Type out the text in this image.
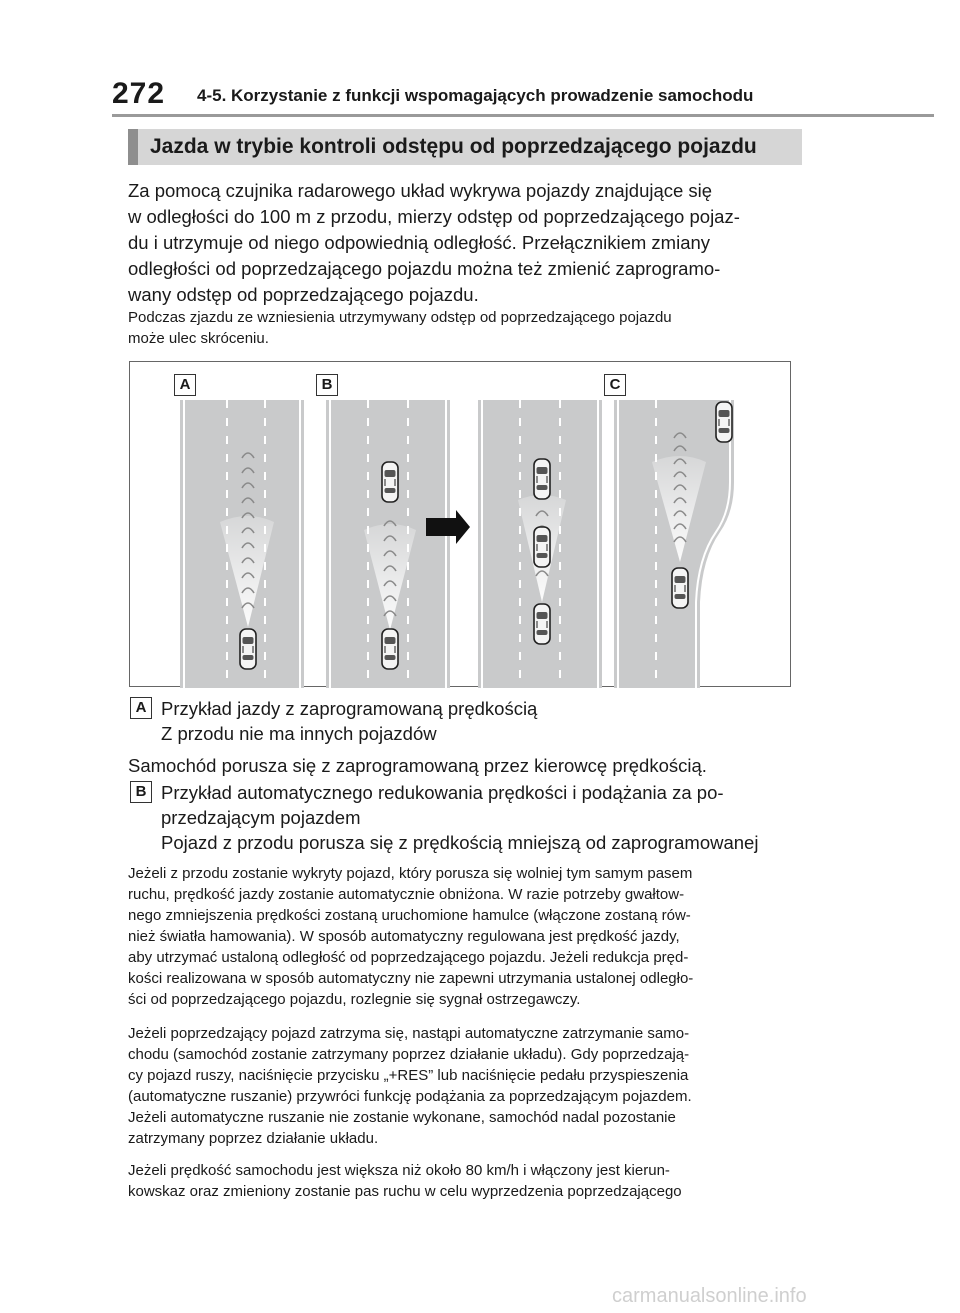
272 4-5. Korzystanie z funkcji wspomagających prowadzenie samochodu
Jazda w trybie kontroli odstępu od poprzedzającego pojazdu
Za pomocą czujnika radarowego układ wykrywa pojazdy znajdujące się
w odległości do 100 m z przodu, mierzy odstęp od poprzedzającego pojaz-
du i utrzymuje od niego odpowiednią odległość. Przełącznikiem zmiany
odległości od poprzedzającego pojazdu można też zmienić zaprogramo-
wany odstęp od poprzedzającego pojazdu.
Podczas zjazdu ze wzniesienia utrzymywany odstęp od poprzedzającego pojazdu
może ulec skróceniu.
A	B	C
A Przykład jazdy z zaprogramowaną prędkością
Z przodu nie ma innych pojazdów
Samochód porusza się z zaprogramowaną przez kierowcę prędkością.
B Przykład automatycznego redukowania prędkości i podążania za po-
przedzającym pojazdem
Pojazd z przodu porusza się z prędkością mniejszą od zaprogramowanej
Jeżeli z przodu zostanie wykryty pojazd, który porusza się wolniej tym samym pasem
ruchu, prędkość jazdy zostanie automatycznie obniżona. W razie potrzeby gwałtow-
nego zmniejszenia prędkości zostaną uruchomione hamulce (włączone zostaną rów-
nież światła hamowania). W sposób automatyczny regulowana jest prędkość jazdy,
aby utrzymać ustaloną odległość od poprzedzającego pojazdu. Jeżeli redukcja pręd-
kości realizowana w sposób automatyczny nie zapewni utrzymania ustalonej odległo-
ści od poprzedzającego pojazdu, rozlegnie się sygnał ostrzegawczy.
Jeżeli poprzedzający pojazd zatrzyma się, nastąpi automatyczne zatrzymanie samo-
chodu (samochód zostanie zatrzymany poprzez działanie układu). Gdy poprzedzają-
cy pojazd ruszy, naciśnięcie przycisku „+RES” lub naciśnięcie pedału przyspieszenia
(automatyczne ruszanie) przywróci funkcję podążania za poprzedzającym pojazdem.
Jeżeli automatyczne ruszanie nie zostanie wykonane, samochód nadal pozostanie
zatrzymany poprzez działanie układu.
Jeżeli prędkość samochodu jest większa niż około 80 km/h i włączony jest kierun-
kowskaz oraz zmieniony zostanie pas ruchu w celu wyprzedzenia poprzedzającego
carmanualsonline.info
